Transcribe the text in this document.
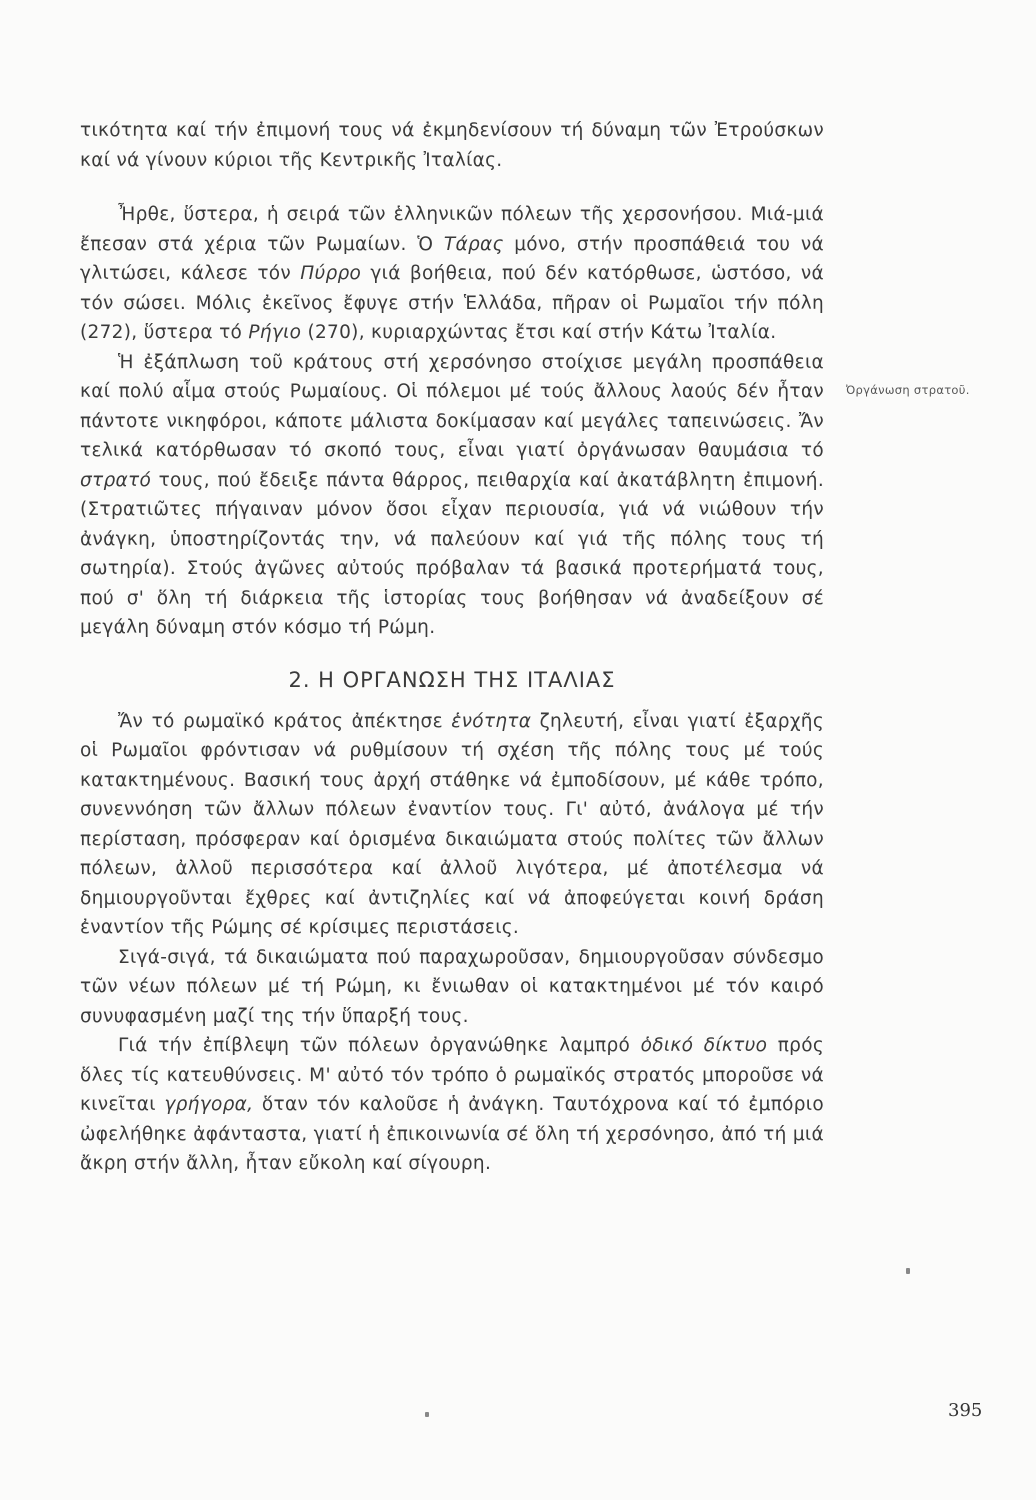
τικότητα καί τήν ἐπιμονή τους νά ἐκμηδενίσουν τή δύναμη τῶν Ἐτρούσκων καί νά γίνουν κύριοι τῆς Κεντρικῆς Ἰταλίας.

Ἦρθε, ὕστερα, ἡ σειρά τῶν ἑλληνικῶν πόλεων τῆς χερσονήσου. Μιά-μιά ἔπεσαν στά χέρια τῶν Ρωμαίων. Ὁ Τάρας μόνο, στήν προσπάθειά του νά γλιτώσει, κάλεσε τόν Πύρρο γιά βοήθεια, πού δέν κατόρθωσε, ὡστόσο, νά τόν σώσει. Μόλις ἐκεῖνος ἔφυγε στήν Ἑλλάδα, πῆραν οἱ Ρωμαῖοι τήν πόλη (272), ὕστερα τό Ρήγιο (270), κυριαρχώντας ἔτσι καί στήν Κάτω Ἰταλία.

Ἡ ἐξάπλωση τοῦ κράτους στή χερσόνησο στοίχισε μεγάλη προσπάθεια καί πολύ αἷμα στούς Ρωμαίους. Οἱ πόλεμοι μέ τούς ἄλλους λαούς δέν ἦταν πάντοτε νικηφόροι, κάποτε μάλιστα δοκίμασαν καί μεγάλες ταπεινώσεις. Ἄν τελικά κατόρθωσαν τό σκοπό τους, εἶναι γιατί ὀργάνωσαν θαυμάσια τό στρατό τους, πού ἔδειξε πάντα θάρρος, πειθαρχία καί ἀκατάβλητη ἐπιμονή. (Στρατιῶτες πήγαιναν μόνον ὅσοι εἶχαν περιουσία, γιά νά νιώθουν τήν ἀνάγκη, ὑποστηρίζοντάς την, νά παλεύουν καί γιά τῆς πόλης τους τή σωτηρία). Στούς ἀγῶνες αὐτούς πρόβαλαν τά βασικά προτερήματά τους, πού σ' ὅλη τή διάρκεια τῆς ἱστορίας τους βοήθησαν νά ἀναδείξουν σέ μεγάλη δύναμη στόν κόσμο τή Ρώμη.

2. Η ΟΡΓΑΝΩΣΗ ΤΗΣ ΙΤΑΛΙΑΣ

Ἄν τό ρωμαϊκό κράτος ἀπέκτησε ἑνότητα ζηλευτή, εἶναι γιατί ἐξαρχῆς οἱ Ρωμαῖοι φρόντισαν νά ρυθμίσουν τή σχέση τῆς πόλης τους μέ τούς κατακτημένους. Βασική τους ἀρχή στάθηκε νά ἐμποδίσουν, μέ κάθε τρόπο, συνεννόηση τῶν ἄλλων πόλεων ἐναντίον τους. Γι' αὐτό, ἀνάλογα μέ τήν περίσταση, πρόσφεραν καί ὁρισμένα δικαιώματα στούς πολίτες τῶν ἄλλων πόλεων, ἀλλοῦ περισσότερα καί ἀλλοῦ λιγότερα, μέ ἀποτέλεσμα νά δημιουργοῦνται ἔχθρες καί ἀντιζηλίες καί νά ἀποφεύγεται κοινή δράση ἐναντίον τῆς Ρώμης σέ κρίσιμες περιστάσεις.

Σιγά-σιγά, τά δικαιώματα πού παραχωροῦσαν, δημιουργοῦσαν σύνδεσμο τῶν νέων πόλεων μέ τή Ρώμη, κι ἔνιωθαν οἱ κατακτημένοι μέ τόν καιρό συνυφασμένη μαζί της τήν ὕπαρξή τους.

Γιά τήν ἐπίβλεψη τῶν πόλεων ὀργανώθηκε λαμπρό ὁδικό δίκτυο πρός ὅλες τίς κατευθύνσεις. Μ' αὐτό τόν τρόπο ὁ ρωμαϊκός στρατός μποροῦσε νά κινεῖται γρήγορα, ὅταν τόν καλοῦσε ἡ ἀνάγκη. Ταυτόχρονα καί τό ἐμπόριο ὠφελήθηκε ἀφάνταστα, γιατί ἡ ἐπικοινωνία σέ ὅλη τή χερσόνησο, ἀπό τή μιά ἄκρη στήν ἄλλη, ἦταν εὔκολη καί σίγουρη.

Ὀργάνωση στρατοῦ.
395
